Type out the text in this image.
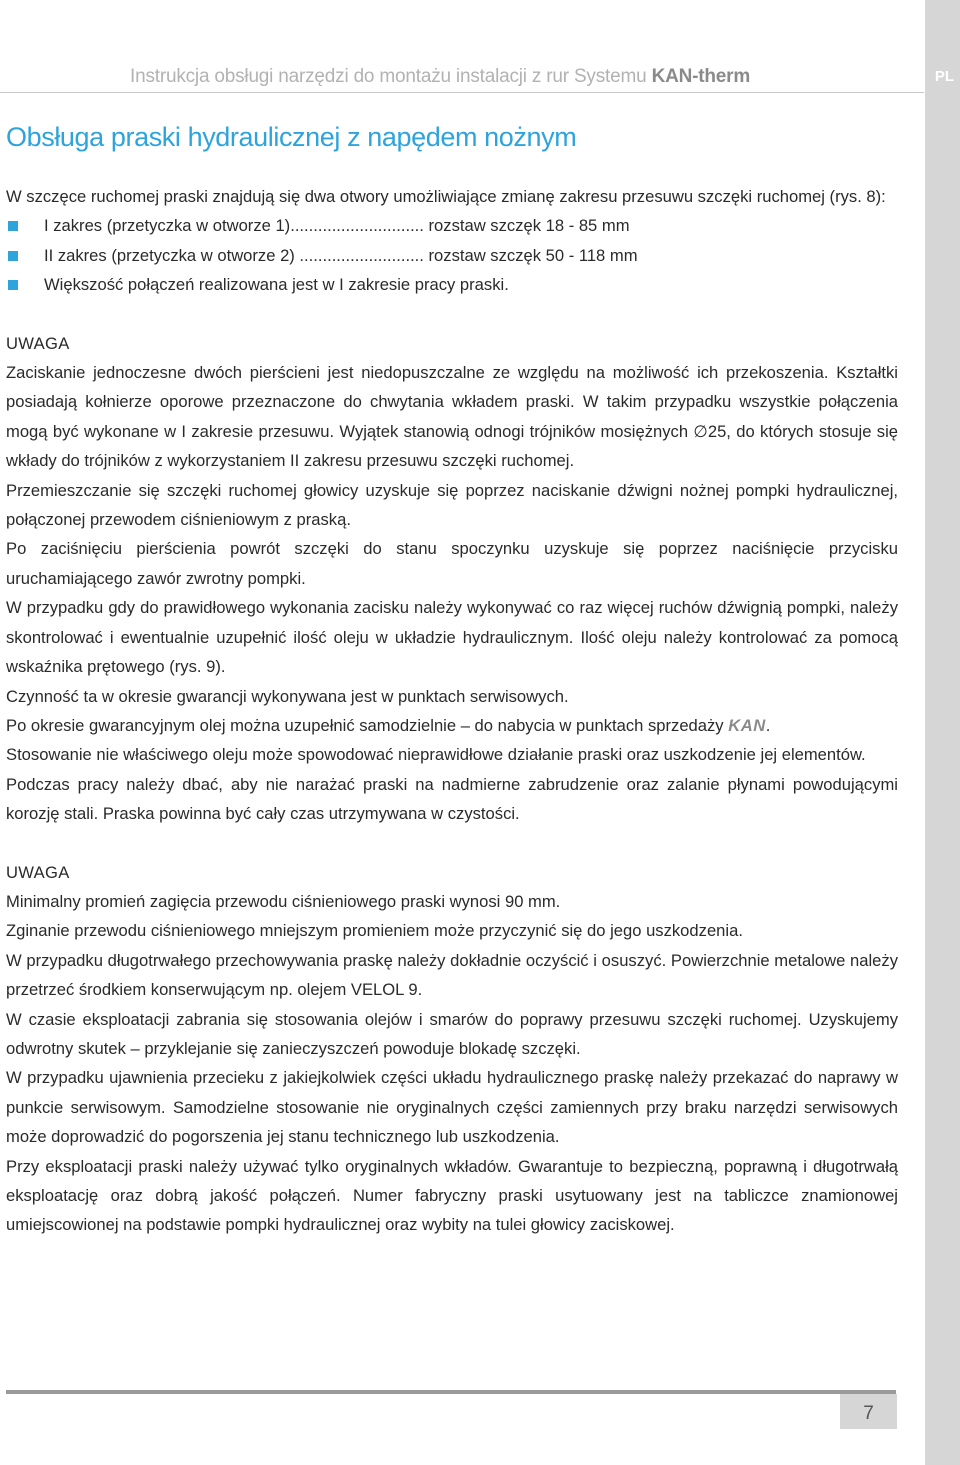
PL
Instrukcja obsługi narzędzi do montażu instalacji z rur Systemu KAN-therm
Obsługa praski hydraulicznej z napędem nożnym

W szczęce ruchomej praski znajdują się dwa otwory umożliwiające zmianę zakresu przesuwu szczęki ruchomej (rys. 8):

I zakres (przetyczka w otworze 1)............................. rozstaw szczęk 18 - 85 mm
II zakres (przetyczka w otworze 2) ........................... rozstaw szczęk 50 - 118 mm
Większość połączeń realizowana jest w I zakresie pracy praski.

UWAGA

Zaciskanie jednoczesne dwóch pierścieni jest niedopuszczalne ze względu na możliwość ich przekoszenia. Kształtki posiadają kołnierze oporowe przeznaczone do chwytania wkładem praski. W takim przypadku wszystkie połączenia mogą być wykonane w I zakresie przesuwu. Wyjątek stanowią odnogi trójników mosiężnych ∅25, do których stosuje się wkłady do trójników z wykorzystaniem II zakresu przesuwu szczęki ruchomej.

Przemieszczanie się szczęki ruchomej głowicy uzyskuje się poprzez naciskanie dźwigni nożnej pompki hydraulicznej, połączonej przewodem ciśnieniowym z praską.

Po zaciśnięciu pierścienia powrót szczęki do stanu spoczynku uzyskuje się poprzez naciśnięcie przycisku uruchamiającego zawór zwrotny pompki.

W przypadku gdy do prawidłowego wykonania zacisku należy wykonywać co raz więcej ruchów dźwignią pompki, należy skontrolować i ewentualnie uzupełnić ilość oleju w układzie hydraulicznym. Ilość oleju należy kontrolować za pomocą wskaźnika prętowego (rys. 9).

Czynność ta w okresie gwarancji wykonywana jest w punktach serwisowych.

Po okresie gwarancyjnym olej można uzupełnić samodzielnie – do nabycia w punktach sprzedaży KAN.

Stosowanie nie właściwego oleju może spowodować nieprawidłowe działanie praski oraz uszkodzenie jej elementów.

Podczas pracy należy dbać, aby nie narażać praski na nadmierne zabrudzenie oraz zalanie płynami powodującymi korozję stali. Praska powinna być cały czas utrzymywana w czystości.

UWAGA

Minimalny promień zagięcia przewodu ciśnieniowego praski wynosi 90 mm.

Zginanie przewodu ciśnieniowego mniejszym promieniem może przyczynić się do jego uszkodzenia.

W przypadku długotrwałego przechowywania praskę należy dokładnie oczyścić i osuszyć. Powierzchnie metalowe należy przetrzeć środkiem konserwującym np. olejem VELOL 9.

W czasie eksploatacji zabrania się stosowania olejów i smarów do poprawy przesuwu szczęki ruchomej. Uzyskujemy odwrotny skutek – przyklejanie się zanieczyszczeń powoduje blokadę szczęki.

W przypadku ujawnienia przecieku z jakiejkolwiek części układu hydraulicznego praskę należy przekazać do naprawy w punkcie serwisowym. Samodzielne stosowanie nie oryginalnych części zamiennych przy braku narzędzi serwisowych może doprowadzić do pogorszenia jej stanu technicznego lub uszkodzenia.

Przy eksploatacji praski należy używać tylko oryginalnych wkładów. Gwarantuje to bezpieczną, poprawną i długotrwałą eksploatację oraz dobrą jakość połączeń. Numer fabryczny praski usytuowany jest na tabliczce znamionowej umiejscowionej na podstawie pompki hydraulicznej oraz wybity na tulei głowicy zaciskowej.

7
